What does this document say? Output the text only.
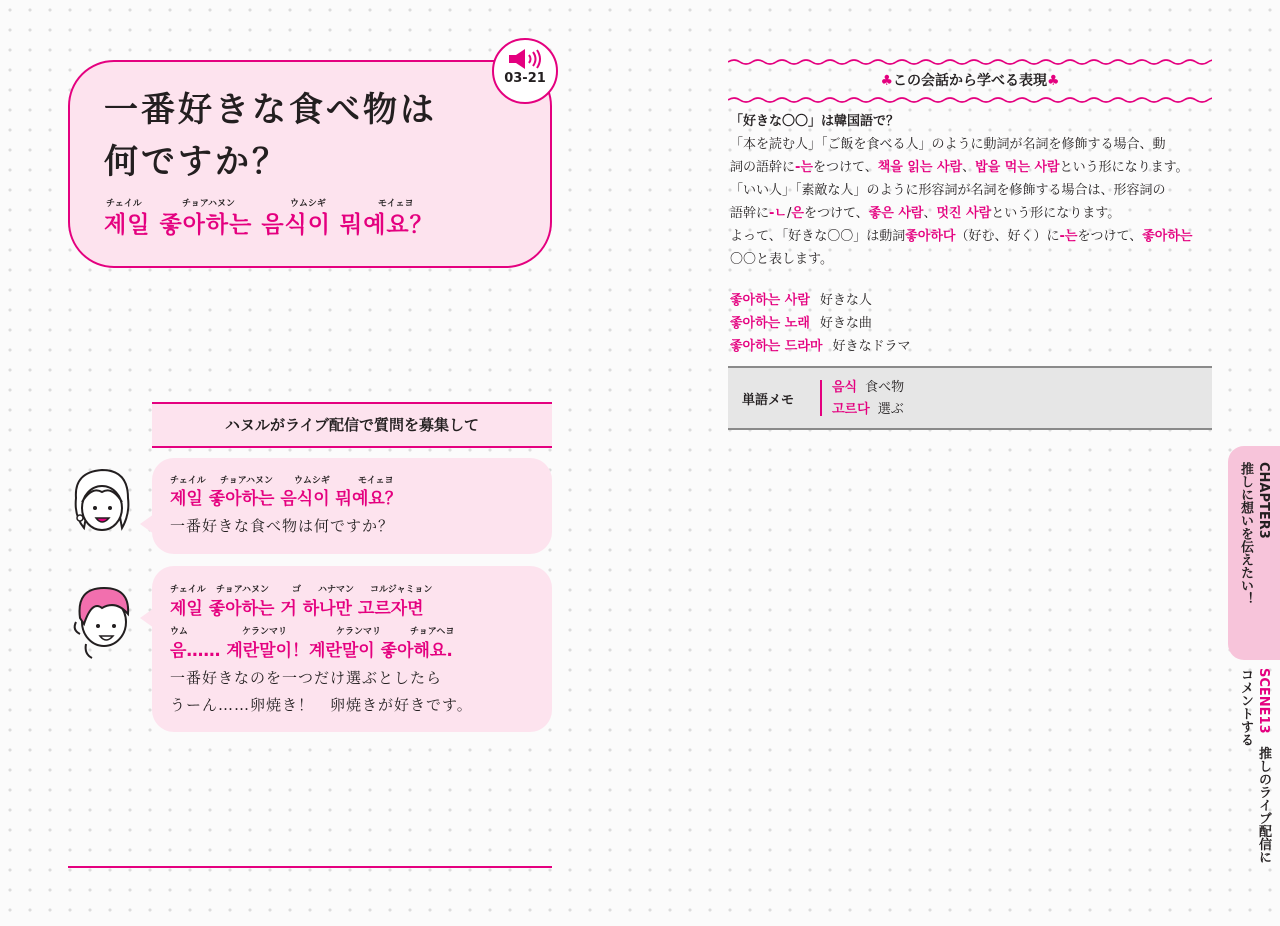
一番好きな食べ物は
何ですか？
チェイル	チョアハヌン	ウムシギ	モイェヨ
제일 좋아하는 음식이 뭐예요？
03-21
ハヌルがライブ配信で質問を募集して
チェイル チョアハヌン ウムシギ	モイェヨ
제일 좋아하는 음식이 뭐예요？
一番好きな食べ物は何ですか？
チェイル チョアハヌン	ゴ ハナマン コルジャミョン
제일 좋아하는 거 하나만 고르자면
ウム	ケランマリ	ケランマリ	チョアヘヨ
음…… 계란말이！계란말이 좋아해요.
一番好きなのを一つだけ選ぶとしたら
うーん……卵焼き！　卵焼きが好きです。
♣この会話から学べる表現♣

「好きな〇〇」は韓国語で？

「本を読む人」「ご飯を食べる人」のように動詞が名詞を修飾する場合、動

詞の語幹に-는をつけて、책을 읽는 사람、밥을 먹는 사람という形になります。

「いい人」「素敵な人」のように形容詞が名詞を修飾する場合は、形容詞の

語幹に-ㄴ/은をつけて、좋은 사람、멋진 사람という形になります。

よって、「好きな〇〇」は動詞좋아하다（好む、好く）に-는をつけて、좋아하는

〇〇と表します。

좋아하는 사람 好きな人
좋아하는 노래 好きな曲
좋아하는 드라마 好きなドラマ
単語メモ
음식 食べ物
고르다 選ぶ
CHAPTER3
推しに想いを伝えたい！
SCENE13　推しのライブ配信に
コメントする
